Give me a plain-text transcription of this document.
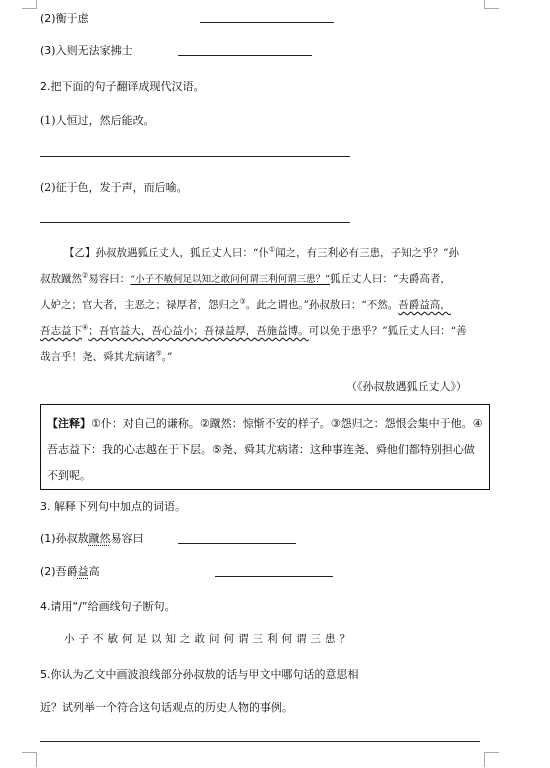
(2)衡于虑
(3)入则无法家拂士
2.把下面的句子翻译成现代汉语。
(1)人恒过，然后能改。
(2)征于色，发于声，而后喻。
【乙】孙叔敖遇狐丘丈人，狐丘丈人曰：“仆①闻之，有三利必有三患，子知之乎？”孙
叔敖蹴然②易容曰：“小子不敏何足以知之敢问何谓三利何谓三患？”狐丘丈人曰：“夫爵高者，
人妒之；官大者，主恶之；禄厚者，怨归之③。此之谓也。”孙叔敖曰：“不然。吾爵益高，
吾志益下④；吾官益大，吾心益小；吾禄益厚，吾施益博。可以免于患乎？”狐丘丈人曰：“善
哉言乎！尧、舜其尤病诸⑤。”
（《孙叔敖遇狐丘丈人》）
【注释】①仆：对自己的谦称。②蹴然：惊惭不安的样子。③怨归之：怨恨会集中于他。④吾志益下：我的心志越在于下层。⑤尧、舜其尤病诸：这种事连尧、舜他们都特别担心做不到呢。
3. 解释下列句中加点的词语。
(1)孙叔敖蹴然易容曰
(2)吾爵益高
4.请用“/”给画线句子断句。
小子不敏何足以知之敢问何谓三利何谓三患？
5.你认为乙文中画波浪线部分孙叔敖的话与甲文中哪句话的意思相
近？试列举一个符合这句话观点的历史人物的事例。
